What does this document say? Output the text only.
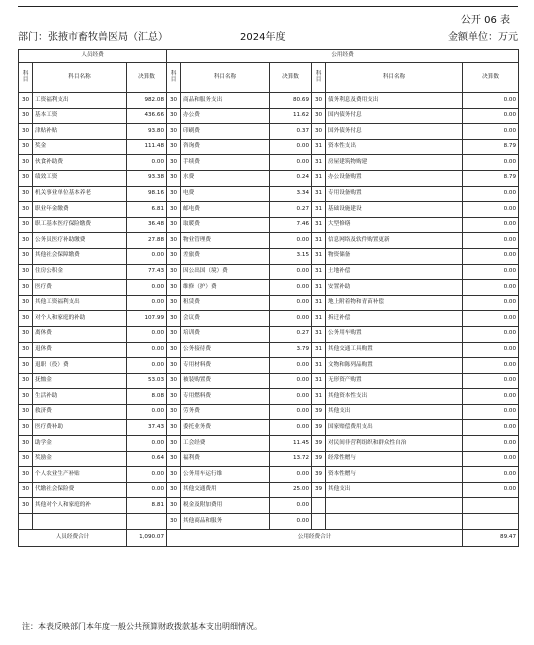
公开 06 表
部门：张掖市畜牧兽医局（汇总）	2024年度	金额单位：万元
人员经费			公用经费					
科目	科目名称	决算数	科目	科目名称	决算数	科目	科目名称	决算数
30	工资福利支出	982.08	30	商品和服务支出	80.69	30	债务利息及费用支出	0.00
30	基本工资	436.66	30	办公费	11.62	30	国内债务付息	0.00
30	津贴补贴	93.80	30	印刷费	0.37	30	国外债务付息	0.00
30	奖金	111.48	30	咨询费	0.00	31	资本性支出	8.79
30	伙食补助费	0.00	30	手续费	0.00	31	房屋建筑物购建	0.00
30	绩效工资	93.38	30	水费	0.24	31	办公设备购置	8.79
30	机关事业单位基本养老	98.16	30	电费	3.34	31	专用设备购置	0.00
30	职业年金缴费	6.81	30	邮电费	0.27	31	基础设施建设	0.00
30	职工基本医疗保险缴费	36.48	30	取暖费	7.46	31	大型修缮	0.00
30	公务员医疗补助缴费	27.88	30	物业管理费	0.00	31	信息网络及软件购置更新	0.00
30	其他社会保障缴费	0.00	30	差旅费	3.15	31	物资储备	0.00
30	住房公积金	77.43	30	因公出国（境）费	0.00	31	土地补偿	0.00
30	医疗费	0.00	30	维修（护）费	0.00	31	安置补助	0.00
30	其他工资福利支出	0.00	30	租赁费	0.00	31	地上附着物和青苗补偿	0.00
30	对个人和家庭的补助	107.99	30	会议费	0.00	31	拆迁补偿	0.00
30	离休费	0.00	30	培训费	0.27	31	公务用车购置	0.00
30	退休费	0.00	30	公务接待费	3.79	31	其他交通工具购置	0.00
30	退职（役）费	0.00	30	专用材料费	0.00	31	文物和陈列品购置	0.00
30	抚恤金	53.03	30	被装购置费	0.00	31	无形资产购置	0.00
30	生活补助	8.08	30	专用燃料费	0.00	31	其他资本性支出	0.00
30	救济费	0.00	30	劳务费	0.00	39	其他支出	0.00
30	医疗费补助	37.43	30	委托业务费	0.00	39	国家赔偿费用支出	0.00
30	助学金	0.00	30	工会经费	11.45	39	对民间非营利组织和群众性自治	0.00
30	奖励金	0.64	30	福利费	13.72	39	经常性赠与	0.00
30	个人农业生产补贴	0.00	30	公务用车运行维	0.00	39	资本性赠与	0.00
30	代缴社会保险费	0.00	30	其他交通费用	25.00	39	其他支出	0.00
30	其他对个人和家庭的补	8.81	30	税金及附加费用	0.00			
			30	其他商品和服务	0.00			
人员经费合计		1,090.07	公用经费合计					89.47
注：本表反映部门本年度一般公共预算财政拨款基本支出明细情况。
